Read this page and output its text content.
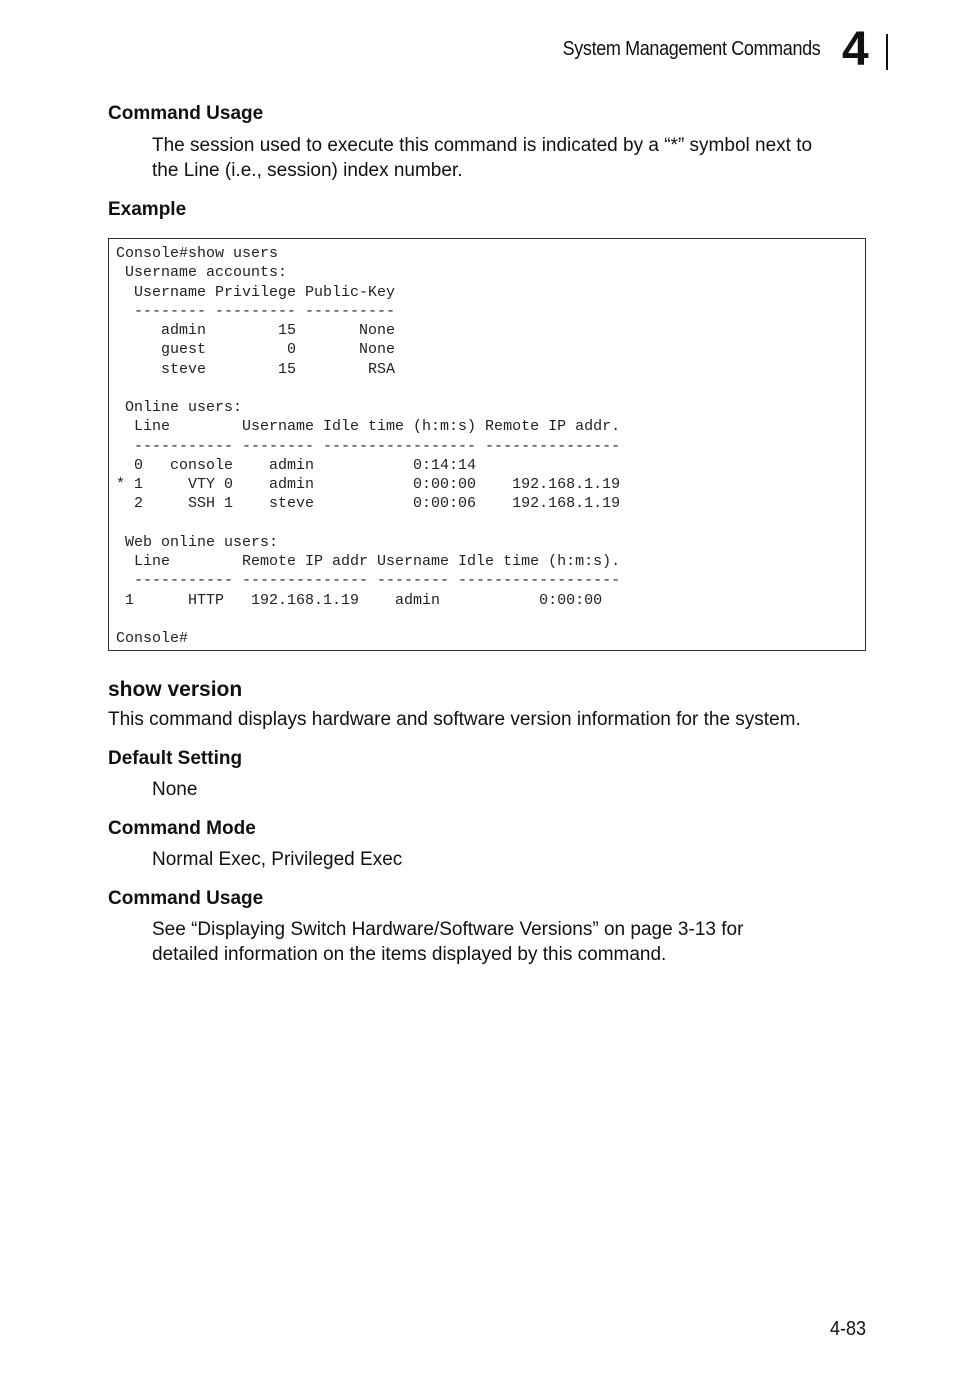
System Management Commands 4
Command Usage
The session used to execute this command is indicated by a “*” symbol next to
the Line (i.e., session) index number.
Example
Console#show users
Username accounts:
Username Privilege Public-Key
-------- --------- ----------
admin        15       None
guest         0       None
steve        15        RSA

Online users:
Line        Username Idle time (h:m:s) Remote IP addr.
----------- -------- ----------------- ---------------
0   console    admin           0:14:14
* 1     VTY 0    admin           0:00:00    192.168.1.19
2     SSH 1    steve           0:00:06    192.168.1.19

Web online users:
Line        Remote IP addr Username Idle time (h:m:s).
----------- -------------- -------- ------------------
1      HTTP   192.168.1.19    admin           0:00:00

Console#
show version
This command displays hardware and software version information for the system.
Default Setting
None
Command Mode
Normal Exec, Privileged Exec
Command Usage
See “Displaying Switch Hardware/Software Versions” on page 3-13 for
detailed information on the items displayed by this command.
4-83
